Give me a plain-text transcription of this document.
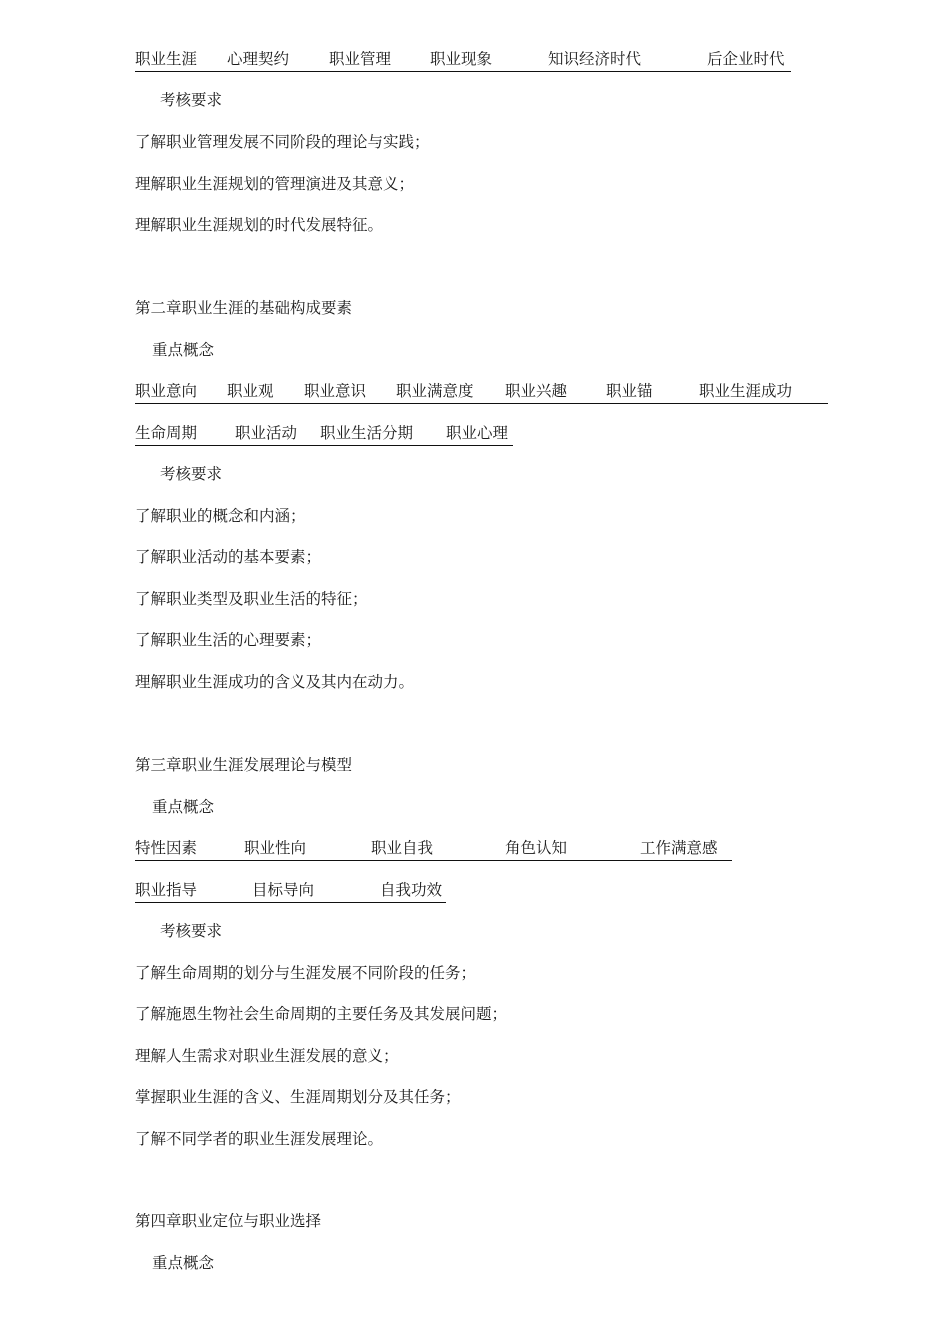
职业生涯 心理契约	职业管理	职业现象	知识经济时代	后企业时代
考核要求
了解职业管理发展不同阶段的理论与实践；
理解职业生涯规划的管理演进及其意义；
理解职业生涯规划的时代发展特征。
第二章职业生涯的基础构成要素
重点概念
职业意向 职业观 职业意识 职业满意度 职业兴趣	职业锚	职业生涯成功
生命周期 职业活动 职业生活分期 职业心理
考核要求
了解职业的概念和内涵；
了解职业活动的基本要素；
了解职业类型及职业生活的特征；
了解职业生活的心理要素；
理解职业生涯成功的含义及其内在动力。
第三章职业生涯发展理论与模型
重点概念
特性因素	职业性向	职业自我	角色认知	工作满意感
职业指导	目标导向	自我功效
考核要求
了解生命周期的划分与生涯发展不同阶段的任务；
了解施恩生物社会生命周期的主要任务及其发展问题；
理解人生需求对职业生涯发展的意义；
掌握职业生涯的含义、生涯周期划分及其任务；
了解不同学者的职业生涯发展理论。
第四章职业定位与职业选择
重点概念
